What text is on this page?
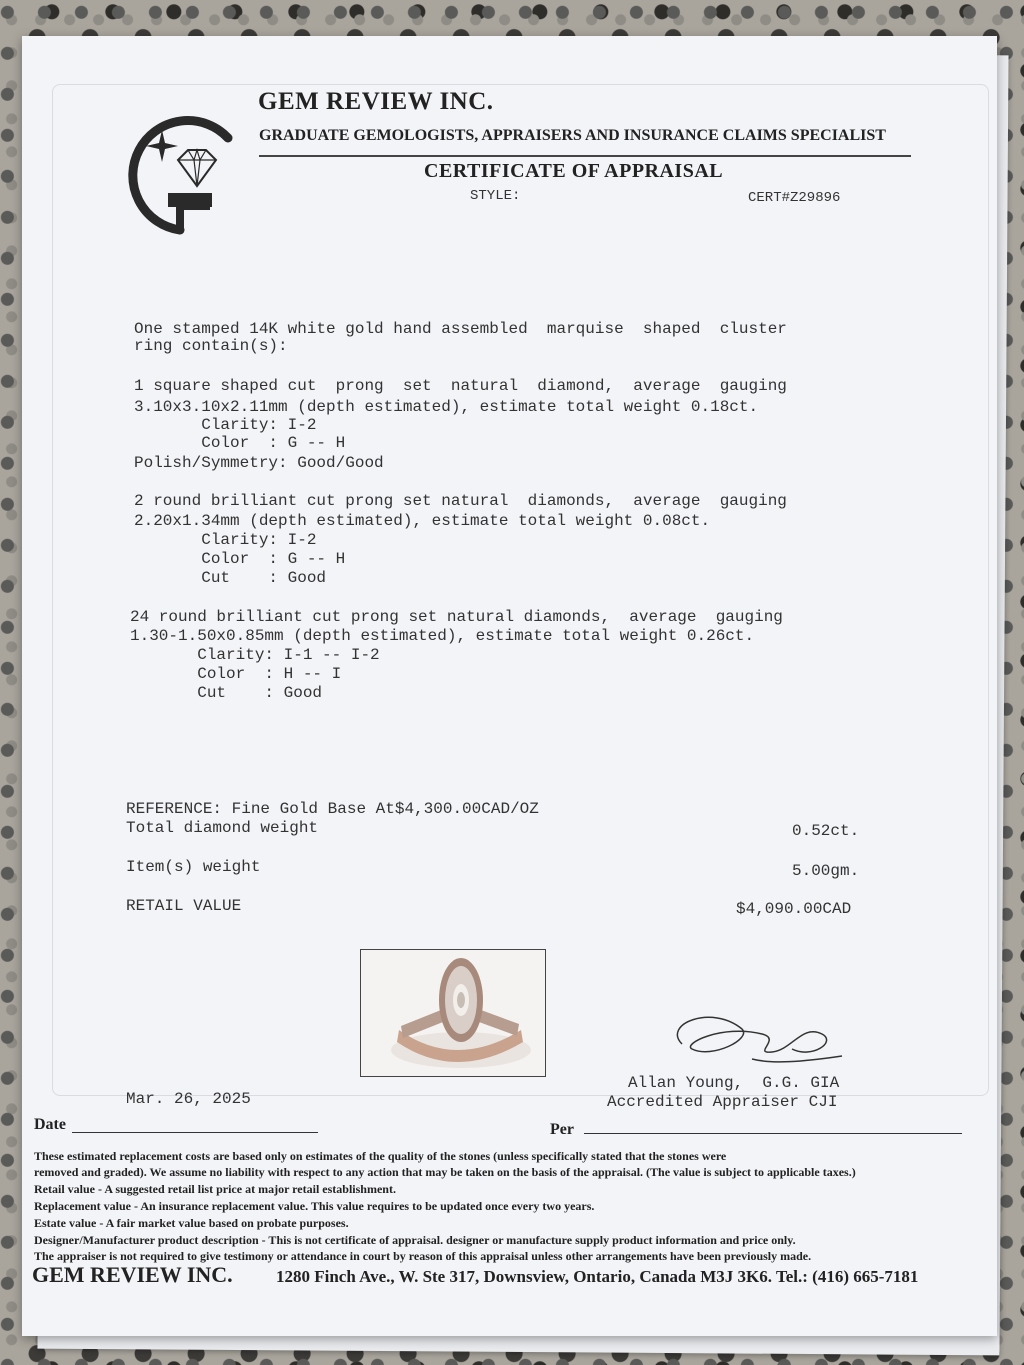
GEM REVIEW INC.
GRADUATE GEMOLOGISTS, APPRAISERS AND INSURANCE CLAIMS SPECIALIST
CERTIFICATE OF APPRAISAL
STYLE:	CERT#Z29896
One stamped 14K white gold hand assembled  marquise  shaped  cluster
ring contain(s):
1 square shaped cut  prong  set  natural  diamond,  average  gauging
3.10x3.10x2.11mm (depth estimated), estimate total weight 0.18ct.
Clarity: I-2
Color  : G -- H
Polish/Symmetry: Good/Good
2 round brilliant cut prong set natural  diamonds,  average  gauging
2.20x1.34mm (depth estimated), estimate total weight 0.08ct.
Clarity: I-2
Color  : G -- H
Cut    : Good
24 round brilliant cut prong set natural diamonds,  average  gauging
1.30-1.50x0.85mm (depth estimated), estimate total weight 0.26ct.
Clarity: I-1 -- I-2
Color  : H -- I
Cut    : Good
REFERENCE: Fine Gold Base At$4,300.00CAD/OZ
Total diamond weight	0.52ct.
Item(s) weight	5.00gm.
RETAIL VALUE	$4,090.00CAD
Allan Young,  G.G. GIA
Accredited Appraiser CJI
Mar. 26, 2025
Date	Per
These estimated replacement costs are based only on estimates of the quality of the stones (unless specifically stated that the stones were
removed and graded). We assume no liability with respect to any action that may be taken on the basis of the appraisal. (The value is subject to applicable taxes.)
Retail value - A suggested retail list price at major retail establishment.
Replacement value - An insurance replacement value. This value requires to be updated once every two years.
Estate value - A fair market value based on probate purposes.
Designer/Manufacturer product description - This is not certificate of appraisal. designer or manufacture supply product information and price only.
The appraiser is not required to give testimony or attendance in court by reason of this appraisal unless other arrangements have been previously made.
GEM REVIEW INC.	1280 Finch Ave., W. Ste 317, Downsview, Ontario, Canada M3J 3K6. Tel.: (416) 665-7181
